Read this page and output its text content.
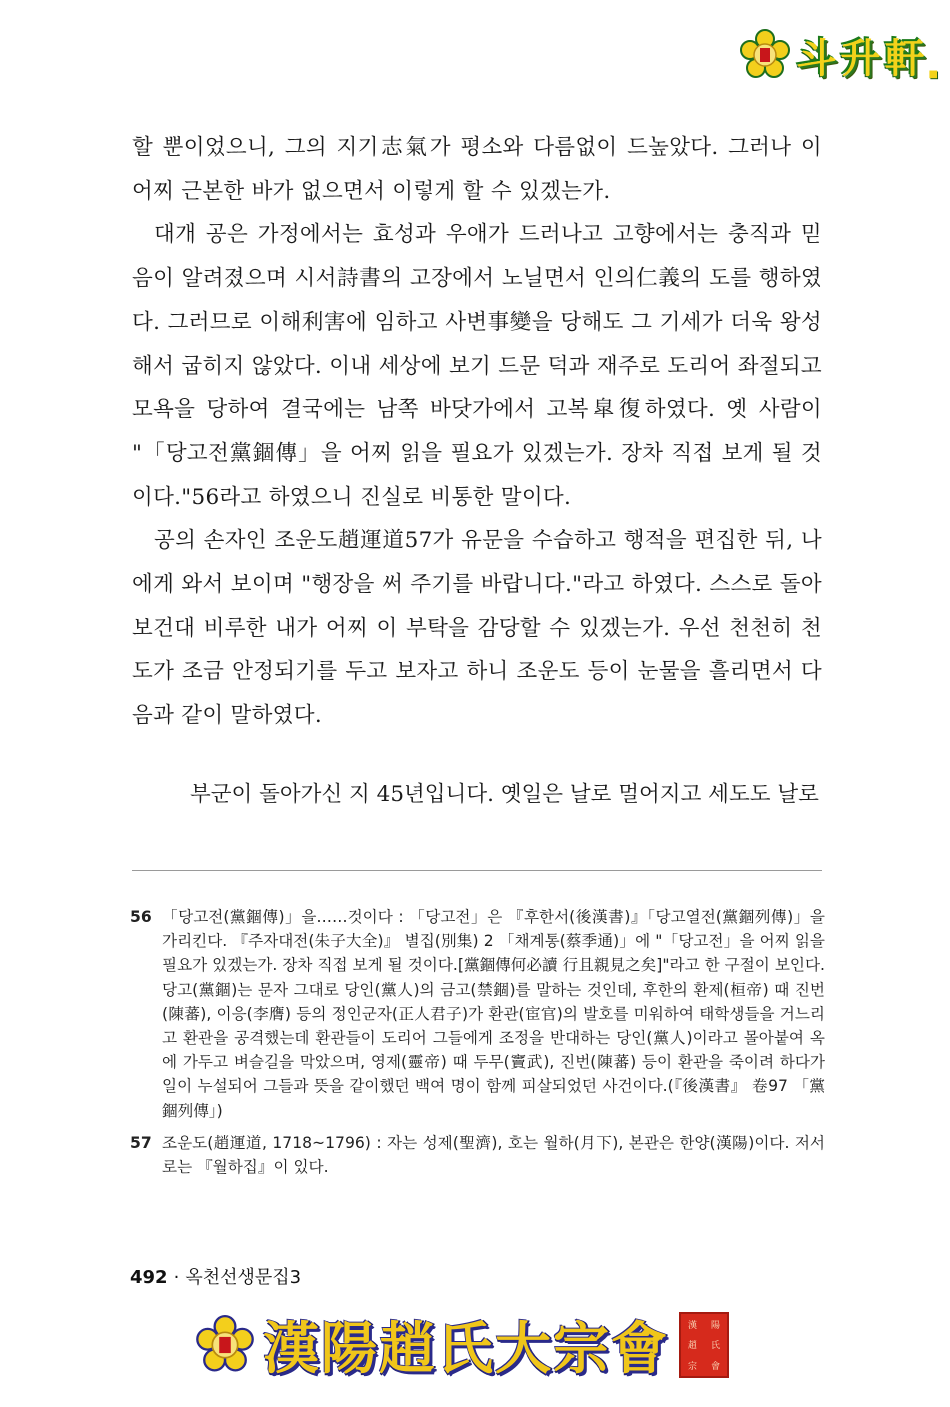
斗升軒 ■

할 뿐이었으니, 그의 지기志氣가 평소와 다름없이 드높았다. 그러나 이 어찌 근본한 바가 없으면서 이렇게 할 수 있겠는가.

대개 공은 가정에서는 효성과 우애가 드러나고 고향에서는 충직과 믿음이 알려졌으며 시서詩書의 고장에서 노닐면서 인의仁義의 도를 행하였다. 그러므로 이해利害에 임하고 사변事變을 당해도 그 기세가 더욱 왕성해서 굽히지 않았다. 이내 세상에 보기 드문 덕과 재주로 도리어 좌절되고 모욕을 당하여 결국에는 남쪽 바닷가에서 고복皐復하였다. 옛 사람이 "「당고전黨錮傳」을 어찌 읽을 필요가 있겠는가. 장차 직접 보게 될 것이다."56라고 하였으니 진실로 비통한 말이다.

공의 손자인 조운도趙運道57가 유문을 수습하고 행적을 편집한 뒤, 나에게 와서 보이며 "행장을 써 주기를 바랍니다."라고 하였다. 스스로 돌아보건대 비루한 내가 어찌 이 부탁을 감당할 수 있겠는가. 우선 천천히 천도가 조금 안정되기를 두고 보자고 하니 조운도 등이 눈물을 흘리면서 다음과 같이 말하였다.

부군이 돌아가신 지 45년입니다. 옛일은 날로 멀어지고 세도도 날로
56 「당고전(黨錮傳)」을……것이다 : 「당고전」은 『후한서(後漢書)』「당고열전(黨錮列傳)」을 가리킨다. 『주자대전(朱子大全)』 별집(別集) 2 「채계통(蔡季通)」에 "「당고전」을 어찌 읽을 필요가 있겠는가. 장차 직접 보게 될 것이다.[黨錮傳何必讀 行且親見之矣]"라고 한 구절이 보인다. 당고(黨錮)는 문자 그대로 당인(黨人)의 금고(禁錮)를 말하는 것인데, 후한의 환제(桓帝) 때 진번(陳蕃), 이응(李膺) 등의 정인군자(正人君子)가 환관(宦官)의 발호를 미워하여 태학생들을 거느리고 환관을 공격했는데 환관들이 도리어 그들에게 조정을 반대하는 당인(黨人)이라고 몰아붙여 옥에 가두고 벼슬길을 막았으며, 영제(靈帝) 때 두무(竇武), 진번(陳蕃) 등이 환관을 죽이려 하다가 일이 누설되어 그들과 뜻을 같이했던 백여 명이 함께 피살되었던 사건이다.(『後漢書』 卷97 「黨錮列傳」)
57 조운도(趙運道, 1718~1796) : 자는 성제(聖濟), 호는 월하(月下), 본관은 한양(漢陽)이다. 저서로는 『월하집』이 있다.
492 · 옥천선생문집3
漢陽趙氏大宗會	漢	陽
趙	氏
宗	會
